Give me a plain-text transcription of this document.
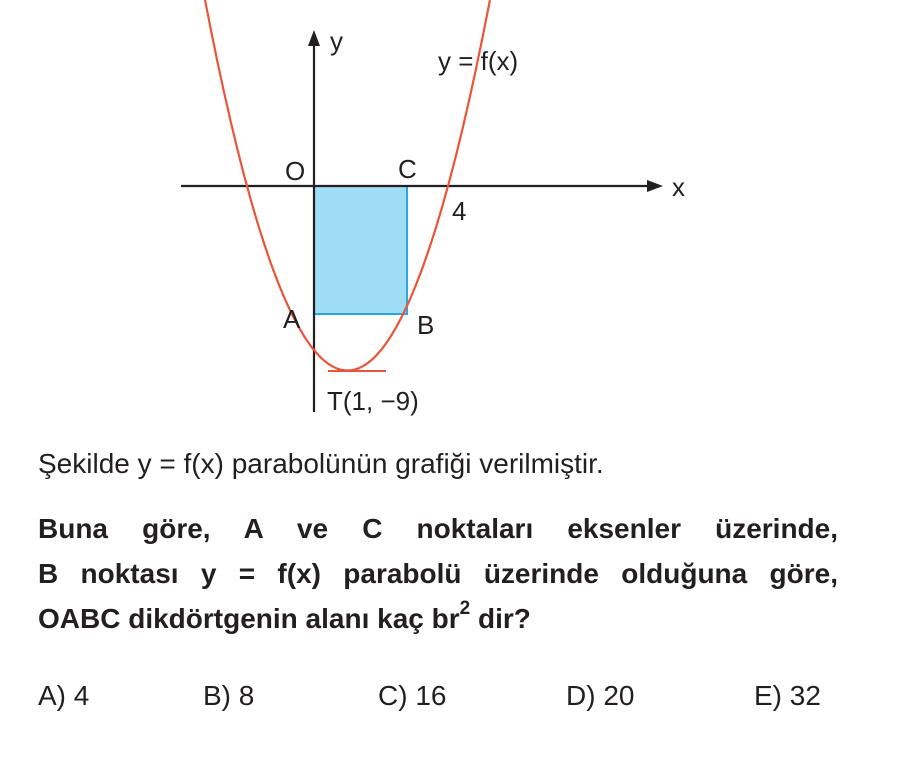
y
x
y = f(x)
O	C
4
A	B
T(1, −9)

Şekilde y = f(x) parabolünün grafiği verilmiştir.

Buna göre, A ve C noktaları eksenler üzerinde,
B noktası y = f(x) parabolü üzerinde olduğuna göre,
OABC dikdörtgenin alanı kaç $br^2$ dir?

A) 4	B) 8	C) 16	D) 20	E) 32
